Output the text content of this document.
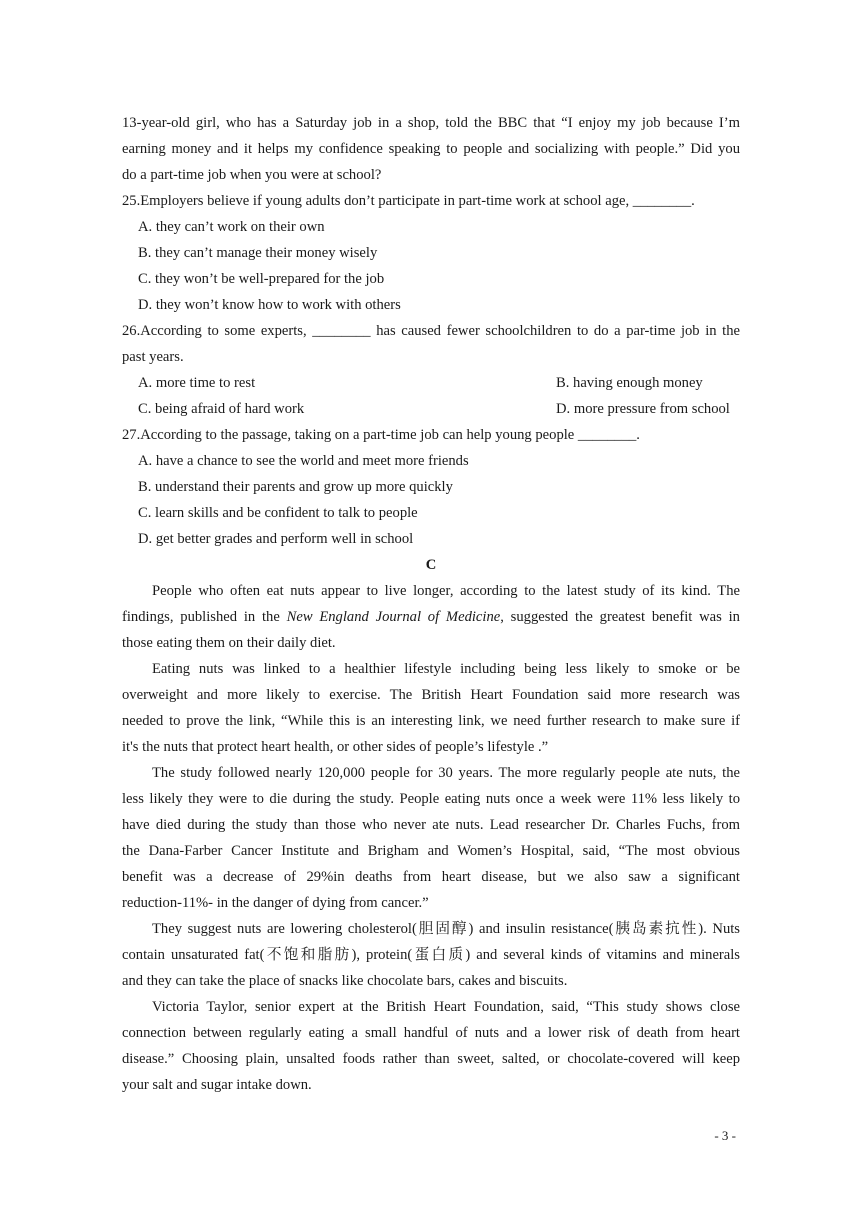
13-year-old girl, who has a Saturday job in a shop, told the BBC that “I enjoy my job because I’m
earning money and it helps my confidence speaking to people and socializing with people.” Did you
do a part-time job when you were at school?
25.Employers believe if young adults don’t participate in part-time work at school age, ________.
A. they can’t work on their own
B. they can’t manage their money wisely
C. they won’t be well-prepared for the job
D. they won’t know how to work with others
26.According to some experts, ________ has caused fewer schoolchildren to do a par-time job in the
past years.
A. more time to rest	B. having enough money
C. being afraid of hard work	D. more pressure from school
27.According to the passage, taking on a part-time job can help young people ________.
A. have a chance to see the world and meet more friends
B. understand their parents and grow up more quickly
C. learn skills and be confident to talk to people
D. get better grades and perform well in school
C
People who often eat nuts appear to live longer, according to the latest study of its kind. The
findings, published in the New England Journal of Medicine, suggested the greatest benefit was in
those eating them on their daily diet.
Eating nuts was linked to a healthier lifestyle including being less likely to smoke or be
overweight and more likely to exercise. The British Heart Foundation said more research was
needed to prove the link, “While this is an interesting link, we need further research to make sure if
it's the nuts that protect heart health, or other sides of people’s lifestyle .”
The study followed nearly 120,000 people for 30 years. The more regularly people ate nuts, the
less likely they were to die during the study. People eating nuts once a week were 11% less likely to
have died during the study than those who never ate nuts. Lead researcher Dr. Charles Fuchs, from
the Dana-Farber Cancer Institute and Brigham and Women’s Hospital, said, “The most obvious
benefit was a decrease of 29%in deaths from heart disease, but we also saw a significant
reduction-11%- in the danger of dying from cancer.”
They suggest nuts are lowering cholesterol(胆固醇) and insulin resistance(胰岛素抗性). Nuts
contain unsaturated fat(不饱和脂肪), protein(蛋白质) and several kinds of vitamins and minerals
and they can take the place of snacks like chocolate bars, cakes and biscuits.
Victoria Taylor, senior expert at the British Heart Foundation, said, “This study shows close
connection between regularly eating a small handful of nuts and a lower risk of death from heart
disease.” Choosing plain, unsalted foods rather than sweet, salted, or chocolate-covered will keep
your salt and sugar intake down.
- 3 -
